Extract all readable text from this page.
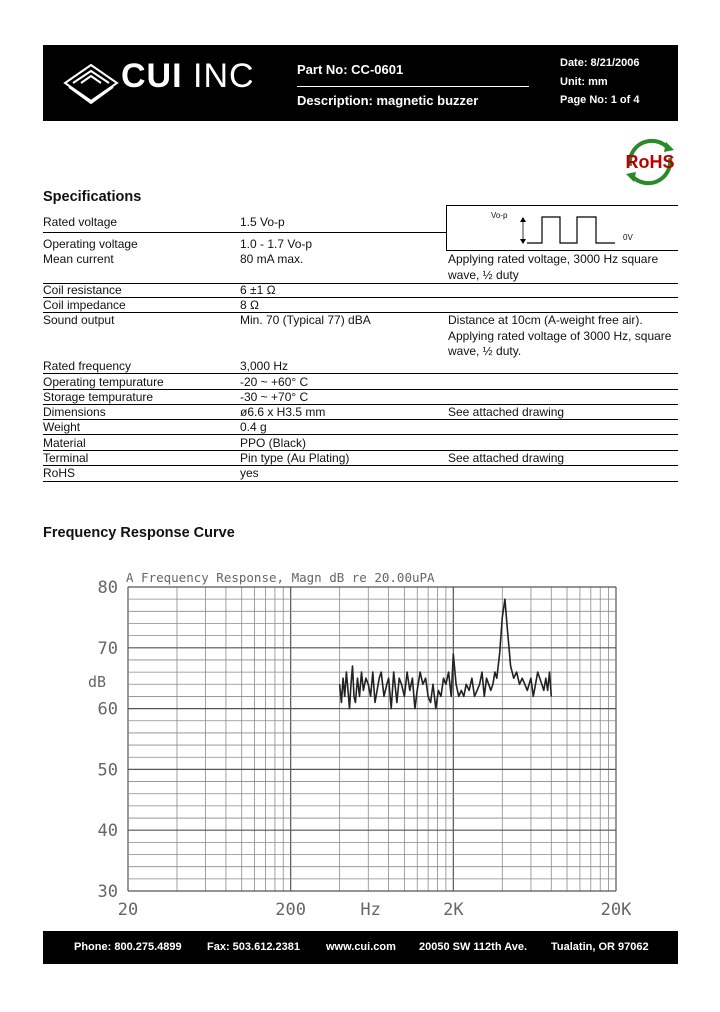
CUI INC	Part No: CC-0601
Description: magnetic buzzer
Date: 8/21/2006
Unit: mm
Page No: 1 of 4
RoHS
Specifications
Vo-p
0V
Rated voltage	1.5 Vo-p
Operating voltage	1.0 - 1.7 Vo-p
Mean current	80 mA max.	Applying rated voltage, 3000 Hz square wave, ½ duty
Coil resistance	6 ±1 Ω
Coil impedance	8 Ω
Sound output	Min. 70 (Typical 77) dBA	Distance at 10cm (A-weight free air). Applying rated voltage of 3000 Hz, square wave, ½ duty.
Rated frequency	3,000 Hz
Operating tempurature	-20 ~ +60° C
Storage tempurature	-30 ~ +70° C
Dimensions	ø6.6 x H3.5 mm	See attached drawing
Weight	0.4 g
Material	PPO (Black)
Terminal	Pin type (Au Plating)	See attached drawing
RoHS	yes
Frequency Response Curve
80
70
60
50
40
30
20	200	Hz	2K	20K
A Frequency Response, Magn dB re 20.00uPA
dB
Phone: 800.275.4899 Fax: 503.612.2381 www.cui.com 20050 SW 112th Ave. Tualatin, OR 97062
